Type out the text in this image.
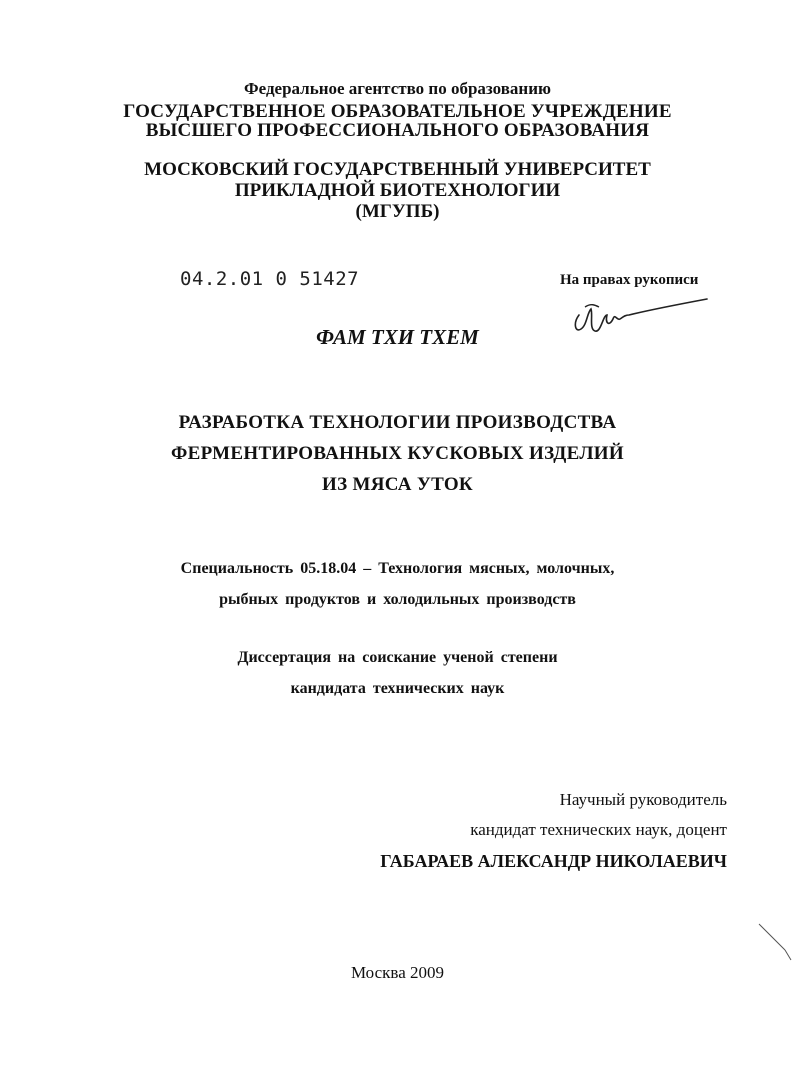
Федеральное агентство по образованию
ГОСУДАРСТВЕННОЕ ОБРАЗОВАТЕЛЬНОЕ УЧРЕЖДЕНИЕ
ВЫСШЕГО ПРОФЕССИОНАЛЬНОГО ОБРАЗОВАНИЯ
МОСКОВСКИЙ ГОСУДАРСТВЕННЫЙ УНИВЕРСИТЕТ
ПРИКЛАДНОЙ БИОТЕХНОЛОГИИ
(МГУПБ)
04.2.01 0 51427	На правах рукописи
ФАМ ТХИ ТХЕМ
РАЗРАБОТКА ТЕХНОЛОГИИ ПРОИЗВОДСТВА
ФЕРМЕНТИРОВАННЫХ КУСКОВЫХ ИЗДЕЛИЙ
ИЗ МЯСА УТОК
Специальность 05.18.04 – Технология мясных, молочных,
рыбных продуктов и холодильных производств
Диссертация на соискание ученой степени
кандидата технических наук
Научный руководитель
кандидат технических наук, доцент
ГАБАРАЕВ АЛЕКСАНДР НИКОЛАЕВИЧ
Москва 2009
